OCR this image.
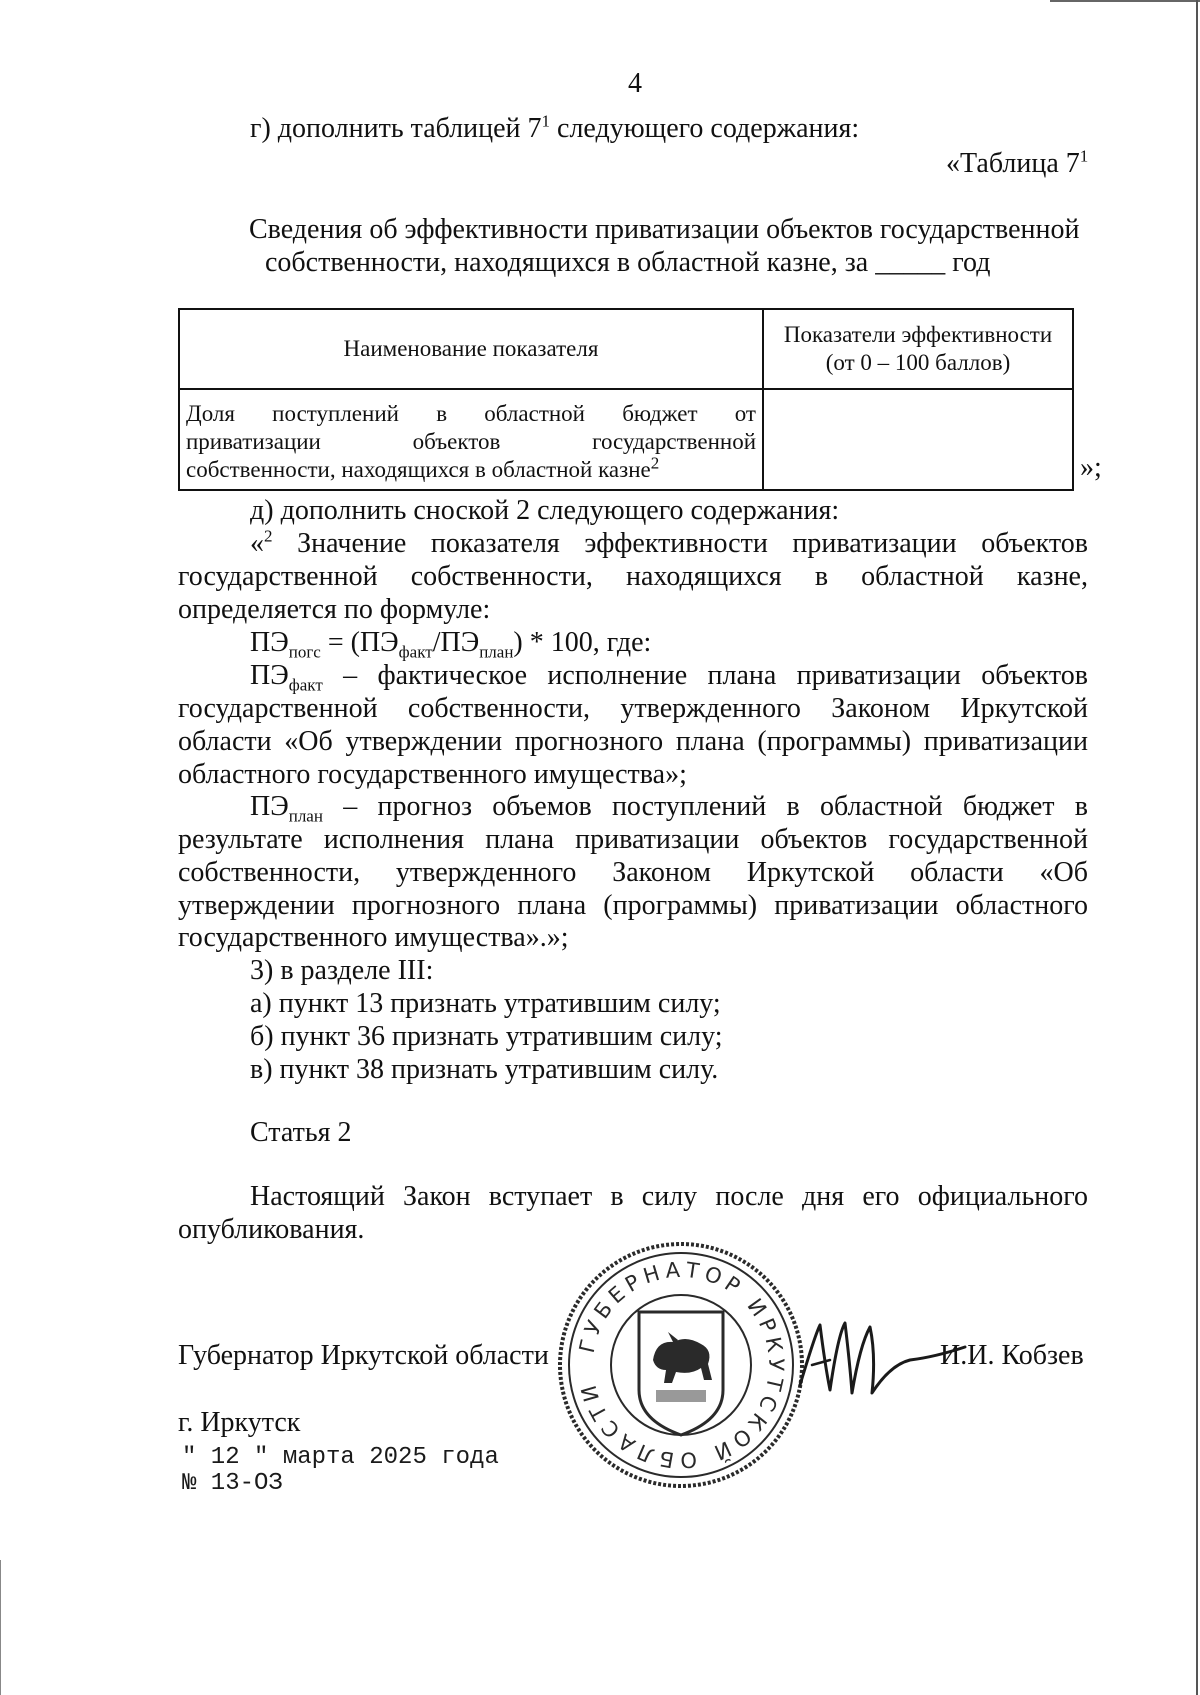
4
г) дополнить таблицей $7^1$ следующего содержания:
«Таблица $7^1$
Сведения об эффективности приватизации объектов государственной
собственности, находящихся в областной казне, за _____ год
Наименование показателя
Показатели эффективности (от 0 – 100 баллов)
Доля поступлений в областной бюджет от
приватизации объектов государственной
собственности, находящихся в областной казне$^2$	»;
д) дополнить сноской 2 следующего содержания:
«$^2$ Значение показателя эффективности приватизации объектов
государственной собственности, находящихся в областной казне,
определяется по формуле:
$ПЭ_{погс} = (ПЭ_{факт}/ПЭ_{план}) * 100$, где:
$ПЭ_{факт}$ – фактическое исполнение плана приватизации объектов
государственной собственности, утвержденного Законом Иркутской
области «Об утверждении прогнозного плана (программы) приватизации
областного государственного имущества»;
$ПЭ_{план}$ – прогноз объемов поступлений в областной бюджет в
результате исполнения плана приватизации объектов государственной
собственности, утвержденного Законом Иркутской области «Об
утверждении прогнозного плана (программы) приватизации областного
государственного имущества».»;
3) в разделе III:
а) пункт 13 признать утратившим силу;
б) пункт 36 признать утратившим силу;
в) пункт 38 признать утратившим силу.
Статья 2
Настоящий Закон вступает в силу после дня его официального
опубликования.
Губернатор Иркутской области	И.И. Кобзев
г. Иркутск
" 12 " марта 2025 года
№ 13-ОЗ
ГУБЕРНАТОР ИРКУТСКОЙ ОБЛАСТИ
